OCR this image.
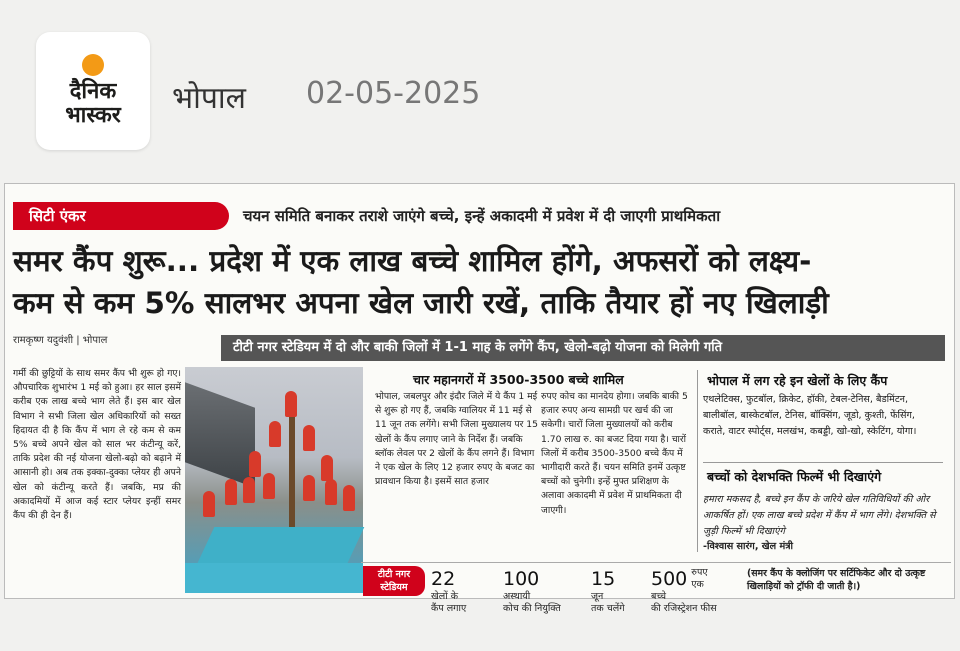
दैनिक
भास्कर भोपाल 02-05-2025
सिटी एंकर	चयन समिति बनाकर तराशे जाएंगे बच्चे, इन्हें अकादमी में प्रवेश में दी जाएगी प्राथमिकता
समर कैंप शुरू... प्रदेश में एक लाख बच्चे शामिल होंगे, अफसरों को लक्ष्य-
कम से कम 5% सालभर अपना खेल जारी रखें, ताकि तैयार हों नए खिलाड़ी
रामकृष्ण यदुवंशी | भोपाल	टीटी नगर स्टेडियम में दो और बाकी जिलों में 1-1 माह के लगेंगे कैंप, खेलो-बढ़ो योजना को मिलेगी गति
गर्मी की छुट्टियों के साथ समर कैंप भी शुरू हो गए। औपचारिक शुभारंभ 1 मई को हुआ। हर साल इसमें करीब एक लाख बच्चे भाग लेते हैं। इस बार खेल विभाग ने सभी जिला खेल अधिकारियों को सख्त हिदायत दी है कि कैंप में भाग ले रहे कम से कम 5% बच्चे अपने खेल को साल भर कंटीन्यू करें, ताकि प्रदेश की नई योजना खेलो-बढ़ो को बढ़ाने में आसानी हो। अब तक इक्का-दुक्का प्लेयर ही अपने खेल को कंटीन्यू करते हैं। जबकि, मप्र की अकादमियों में आज कई स्टार प्लेयर इन्हीं समर कैंप की ही देन हैं।
चार महानगरों में 3500-3500 बच्चे शामिल
भोपाल, जबलपुर और इंदौर जिले में ये कैंप 1 मई से शुरू हो गए हैं, जबकि ग्वालियर में 11 मई से 11 जून तक लगेंगे। सभी जिला मुख्यालय पर 15 खेलों के कैंप लगाए जाने के निर्देश हैं। जबकि ब्लॉक लेवल पर 2 खेलों के कैंप लगने हैं। विभाग ने एक खेल के लिए 12 हजार रुपए के बजट का प्रावधान किया है। इसमें सात हजार
रुपए कोच का मानदेय होगा। जबकि बाकी 5 हजार रुपए अन्य सामग्री पर खर्च की जा सकेगी। चारों जिला मुख्यालयों को करीब 1.70 लाख रु. का बजट दिया गया है। चारों जिलों में करीब 3500-3500 बच्चे कैंप में भागीदारी करते हैं। चयन समिति इनमें उत्कृष्ट बच्चों को चुनेगी। इन्हें मुफ्त प्रशिक्षण के अलावा अकादमी में प्रवेश में प्राथमिकता दी जाएगी।
भोपाल में लग रहे इन खेलों के लिए कैंप
एथलेटिक्स, फुटबॉल, क्रिकेट, हॉकी, टेबल-टेनिस, बैडमिंटन, बालीबॉल, बास्केटबॉल, टेनिस, बॉक्सिंग, जूडो, कुश्ती, फेंसिंग, कराते, वाटर स्पोर्ट्स, मलखंभ, कबड्डी, खो-खो, स्केटिंग, योगा।
बच्चों को देशभक्ति फिल्में भी दिखाएंगे
हमारा मकसद है, बच्चे इन कैंप के जरिये खेल गतिविधियों की ओर आकर्षित हों। एक लाख बच्चे प्रदेश में कैंप में भाग लेंगे। देशभक्ति से जुड़ी फिल्में भी दिखाएंगे
-विश्वास सारंग, खेल मंत्री
टीटी नगर
स्टेडियम	22
खेलों के
कैंप लगाए
100
अस्थायी
कोच की नियुक्ति
15
जून
तक चलेंगे
500 रुपए एक बच्चे
की रजिस्ट्रेशन फीस
(समर कैंप के क्लोजिंग पर सर्टिफिकेट और दो उत्कृष्ट खिलाड़ियों को ट्रॉफी दी जाती है।)
